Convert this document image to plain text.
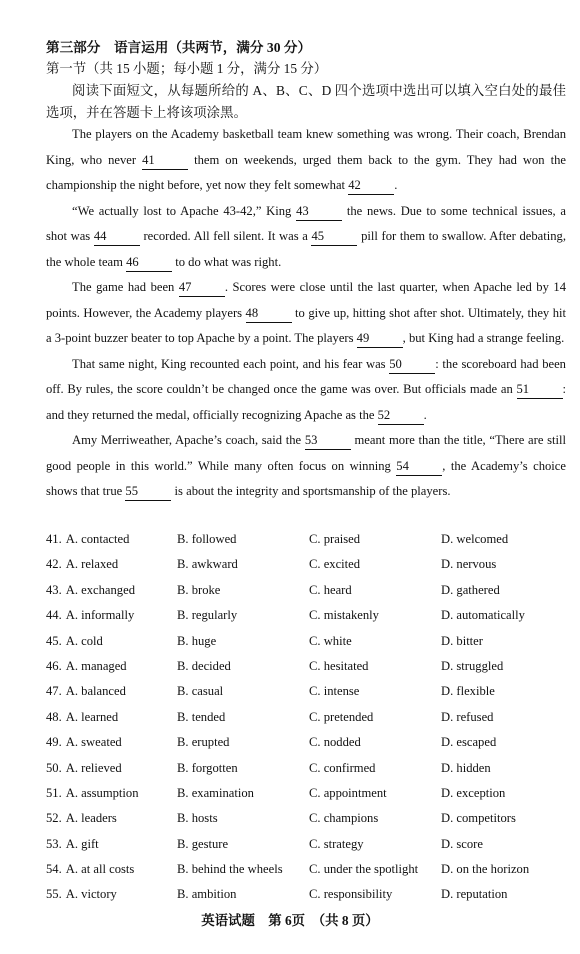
第三部分　语言运用（共两节，满分 30 分）
第一节（共 15 小题；每小题 1 分，满分 15 分）
阅读下面短文，从每题所给的 A、B、C、D 四个选项中选出可以填入空白处的最佳选项，并在答题卡上将该项涂黑。

The players on the Academy basketball team knew something was wrong. Their coach, Brendan King, who never 41	them on weekends, urged them back to the gym. They had won the championship the night before, yet now they felt somewhat 42	.

“We actually lost to Apache 43-42,” King 43	the news. Due to some technical issues, a shot was 44	recorded. All fell silent. It was a 45	pill for them to swallow. After debating, the whole team 46	to do what was right.

The game had been 47	. Scores were close until the last quarter, when Apache led by 14 points. However, the Academy players 48	to give up, hitting shot after shot. Ultimately, they hit a 3-point buzzer beater to top Apache by a point. The players 49	, but King had a strange feeling.

That same night, King recounted each point, and his fear was 50	: the scoreboard had been off. By rules, the score couldn’t be changed once the game was over. But officials made an 51	: and they returned the medal, officially recognizing Apache as the 52	.

Amy Merriweather, Apache’s coach, said the 53	meant more than the title, “There are still good people in this world.” While many often focus on winning 54	, the Academy’s choice shows that true 55	is about the integrity and sportsmanship of the players.

41. A. contacted	B. followed	C. praised	D. welcomed
42. A. relaxed	B. awkward	C. excited	D. nervous
43. A. exchanged	B. broke	C. heard	D. gathered
44. A. informally	B. regularly	C. mistakenly	D. automatically
45. A. cold	B. huge	C. white	D. bitter
46. A. managed	B. decided	C. hesitated	D. struggled
47. A. balanced	B. casual	C. intense	D. flexible
48. A. learned	B. tended	C. pretended	D. refused
49. A. sweated	B. erupted	C. nodded	D. escaped
50. A. relieved	B. forgotten	C. confirmed	D. hidden
51. A. assumption	B. examination	C. appointment	D. exception
52. A. leaders	B. hosts	C. champions	D. competitors
53. A. gift	B. gesture	C. strategy	D. score
54. A. at all costs	B. behind the wheels C. under the spotlight D. on the horizon
55. A. victory	B. ambition	C. responsibility	D. reputation
英语试题　第 6页　（共 8 页）
